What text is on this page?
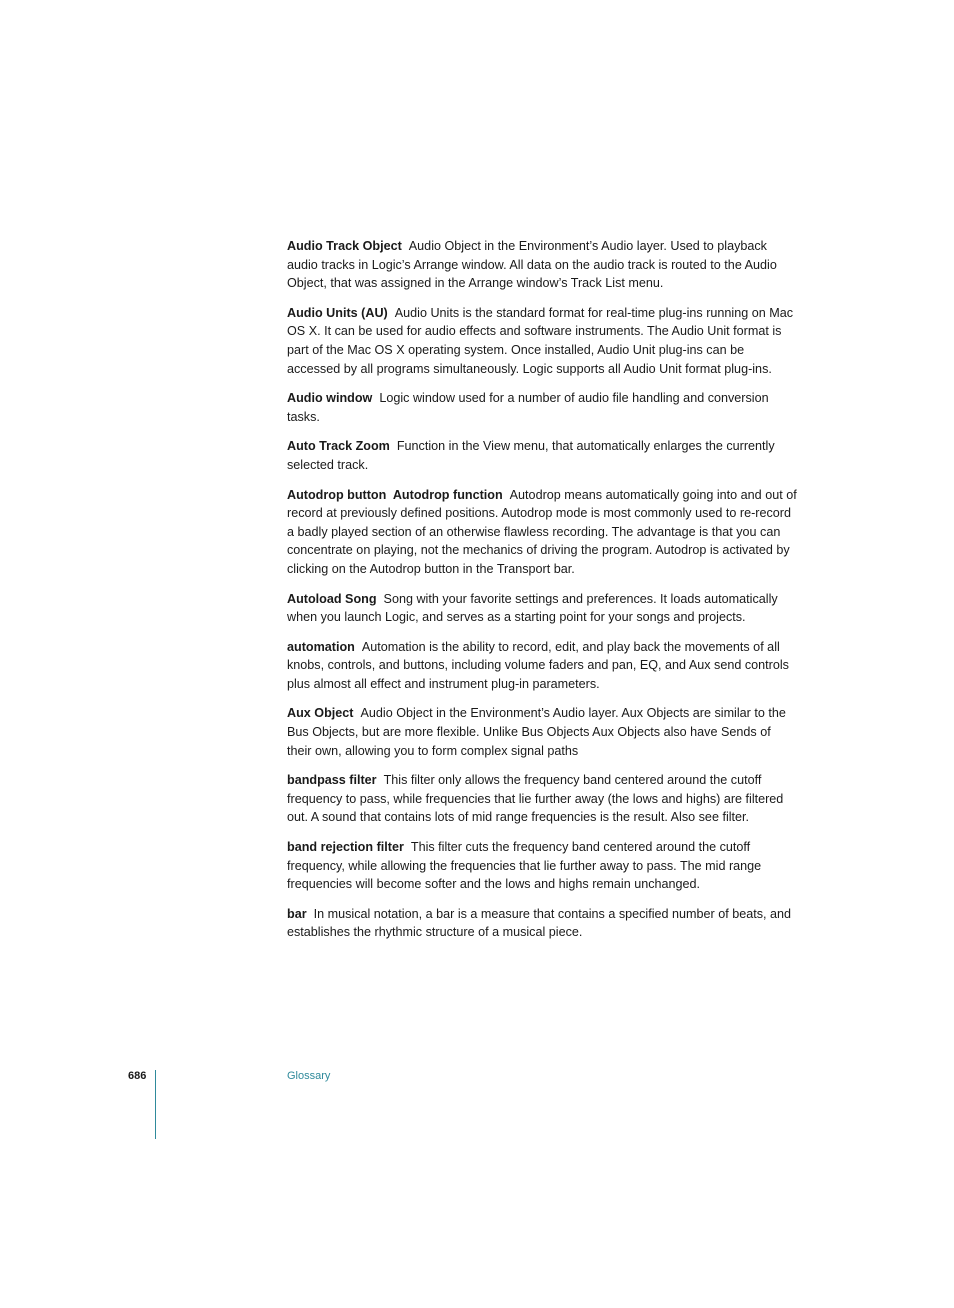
Audio Track Object Audio Object in the Environment’s Audio layer. Used to playback audio tracks in Logic’s Arrange window. All data on the audio track is routed to the Audio Object, that was assigned in the Arrange window’s Track List menu.

Audio Units (AU) Audio Units is the standard format for real-time plug-ins running on Mac OS X. It can be used for audio effects and software instruments. The Audio Unit format is part of the Mac OS X operating system. Once installed, Audio Unit plug-ins can be accessed by all programs simultaneously. Logic supports all Audio Unit format plug-ins.

Audio window Logic window used for a number of audio file handling and conversion tasks.

Auto Track Zoom Function in the View menu, that automatically enlarges the currently selected track.

Autodrop button  Autodrop function Autodrop means automatically going into and out of record at previously defined positions. Autodrop mode is most commonly used to re-record a badly played section of an otherwise flawless recording. The advantage is that you can concentrate on playing, not the mechanics of driving the program. Autodrop is activated by clicking on the Autodrop button in the Transport bar.

Autoload Song Song with your favorite settings and preferences. It loads automatically when you launch Logic, and serves as a starting point for your songs and projects.

automation Automation is the ability to record, edit, and play back the movements of all knobs, controls, and buttons, including volume faders and pan, EQ, and Aux send controls plus almost all effect and instrument plug-in parameters.

Aux Object Audio Object in the Environment’s Audio layer. Aux Objects are similar to the Bus Objects, but are more flexible. Unlike Bus Objects Aux Objects also have Sends of their own, allowing you to form complex signal paths

bandpass filter This filter only allows the frequency band centered around the cutoff frequency to pass, while frequencies that lie further away (the lows and highs) are filtered out. A sound that contains lots of mid range frequencies is the result. Also see filter.

band rejection filter This filter cuts the frequency band centered around the cutoff frequency, while allowing the frequencies that lie further away to pass. The mid range frequencies will become softer and the lows and highs remain unchanged.

bar In musical notation, a bar is a measure that contains a specified number of beats, and establishes the rhythmic structure of a musical piece.

686	Glossary
